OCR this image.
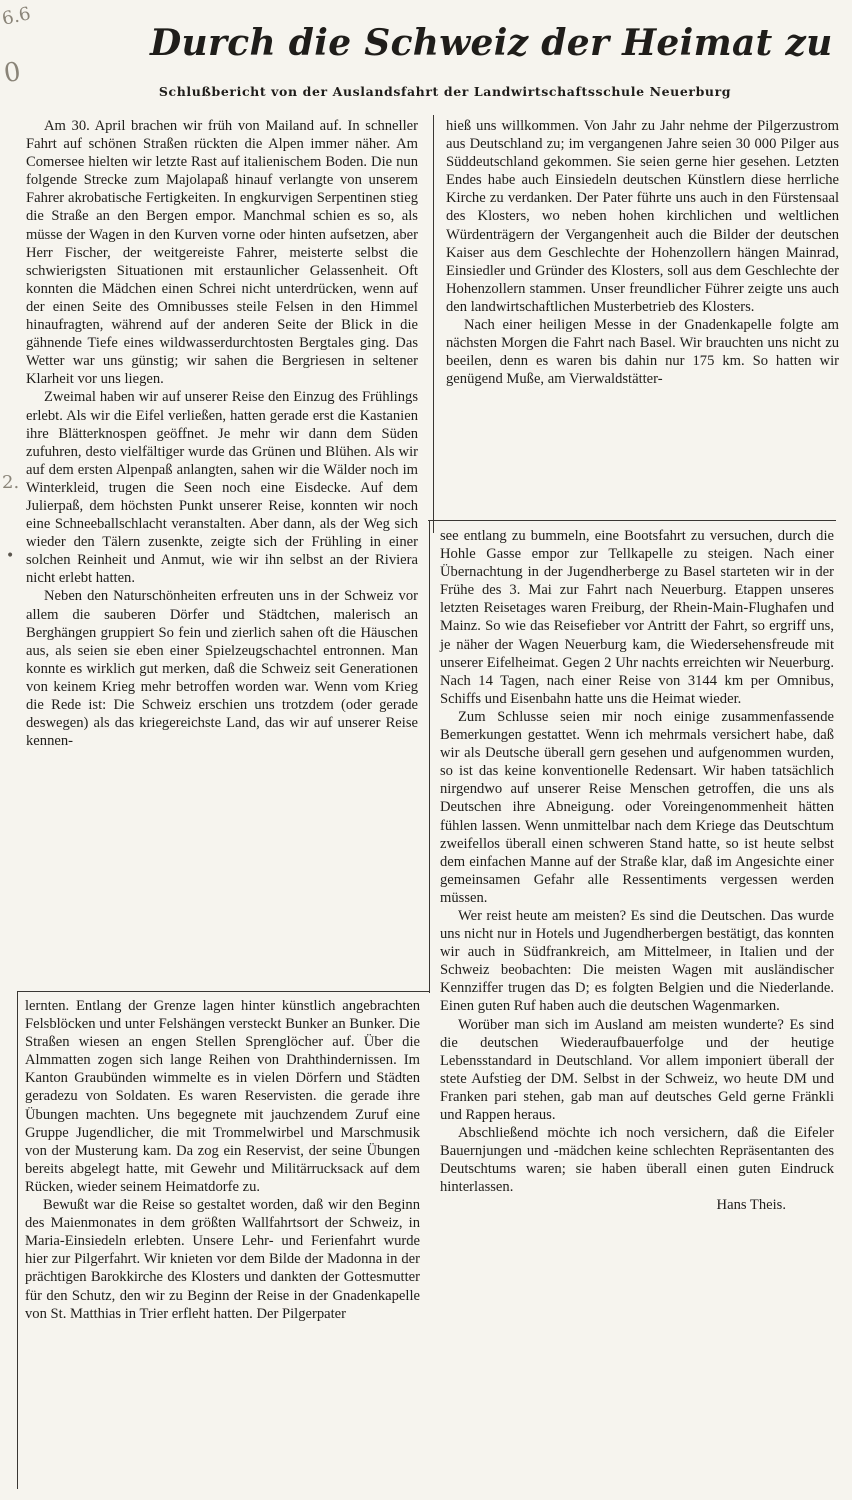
6.6
0
2.
•
Durch die Schweiz der Heimat zu
Schlußbericht von der Auslandsfahrt der Landwirtschaftsschule Neuerburg

Am 30. April brachen wir früh von Mailand auf. In schneller Fahrt auf schönen Straßen rückten die Alpen immer näher. Am Comersee hielten wir letzte Rast auf italienischem Boden. Die nun folgende Strecke zum Majolapaß hinauf verlangte von unserem Fahrer akrobatische Fertigkeiten. In engkurvigen Serpentinen stieg die Straße an den Bergen empor. Manchmal schien es so, als müsse der Wagen in den Kurven vorne oder hinten aufsetzen, aber Herr Fischer, der weitgereiste Fahrer, meisterte selbst die schwierigsten Situationen mit erstaunlicher Gelassenheit. Oft konnten die Mädchen einen Schrei nicht unterdrücken, wenn auf der einen Seite des Omnibusses steile Felsen in den Himmel hinaufragten, während auf der anderen Seite der Blick in die gähnende Tiefe eines wildwasserdurchtosten Bergtales ging. Das Wetter war uns günstig; wir sahen die Bergriesen in seltener Klarheit vor uns liegen.

Zweimal haben wir auf unserer Reise den Einzug des Frühlings erlebt. Als wir die Eifel verließen, hatten gerade erst die Kastanien ihre Blätterknospen geöffnet. Je mehr wir dann dem Süden zufuhren, desto vielfältiger wurde das Grünen und Blühen. Als wir auf dem ersten Alpenpaß anlangten, sahen wir die Wälder noch im Winterkleid, trugen die Seen noch eine Eisdecke. Auf dem Julierpaß, dem höchsten Punkt unserer Reise, konnten wir noch eine Schneeballschlacht veranstalten. Aber dann, als der Weg sich wieder den Tälern zusenkte, zeigte sich der Frühling in einer solchen Reinheit und Anmut, wie wir ihn selbst an der Riviera nicht erlebt hatten.

Neben den Naturschönheiten erfreuten uns in der Schweiz vor allem die sauberen Dörfer und Städtchen, malerisch an Berghängen gruppiert So fein und zierlich sahen oft die Häuschen aus, als seien sie eben einer Spielzeugschachtel entronnen. Man konnte es wirklich gut merken, daß die Schweiz seit Generationen von keinem Krieg mehr betroffen worden war. Wenn vom Krieg die Rede ist: Die Schweiz erschien uns trotzdem (oder gerade deswegen) als das kriegereichste Land, das wir auf unserer Reise kennen-

lernten. Entlang der Grenze lagen hinter künstlich angebrachten Felsblöcken und unter Felshängen versteckt Bunker an Bunker. Die Straßen wiesen an engen Stellen Sprenglöcher auf. Über die Almmatten zogen sich lange Reihen von Drahthindernissen. Im Kanton Graubünden wimmelte es in vielen Dörfern und Städten geradezu von Soldaten. Es waren Reservisten. die gerade ihre Übungen machten. Uns begegnete mit jauchzendem Zuruf eine Gruppe Jugendlicher, die mit Trommelwirbel und Marschmusik von der Musterung kam. Da zog ein Reservist, der seine Übungen bereits abgelegt hatte, mit Gewehr und Militärrucksack auf dem Rücken, wieder seinem Heimatdorfe zu.

Bewußt war die Reise so gestaltet worden, daß wir den Beginn des Maienmonates in dem größten Wallfahrtsort der Schweiz, in Maria-Einsiedeln erlebten. Unsere Lehr- und Ferienfahrt wurde hier zur Pilgerfahrt. Wir knieten vor dem Bilde der Madonna in der prächtigen Barokkirche des Klosters und dankten der Gottesmutter für den Schutz, den wir zu Beginn der Reise in der Gnadenkapelle von St. Matthias in Trier erfleht hatten. Der Pilgerpater

hieß uns willkommen. Von Jahr zu Jahr nehme der Pilgerzustrom aus Deutschland zu; im vergangenen Jahre seien 30 000 Pilger aus Süddeutschland gekommen. Sie seien gerne hier gesehen. Letzten Endes habe auch Einsiedeln deutschen Künstlern diese herrliche Kirche zu verdanken. Der Pater führte uns auch in den Fürstensaal des Klosters, wo neben hohen kirchlichen und weltlichen Würdenträgern der Vergangenheit auch die Bilder der deutschen Kaiser aus dem Geschlechte der Hohenzollern hängen Mainrad, Einsiedler und Gründer des Klosters, soll aus dem Geschlechte der Hohenzollern stammen. Unser freundlicher Führer zeigte uns auch den landwirtschaftlichen Musterbetrieb des Klosters.

Nach einer heiligen Messe in der Gnadenkapelle folgte am nächsten Morgen die Fahrt nach Basel. Wir brauchten uns nicht zu beeilen, denn es waren bis dahin nur 175 km. So hatten wir genügend Muße, am Vierwaldstätter-

see entlang zu bummeln, eine Bootsfahrt zu versuchen, durch die Hohle Gasse empor zur Tellkapelle zu steigen. Nach einer Übernachtung in der Jugendherberge zu Basel starteten wir in der Frühe des 3. Mai zur Fahrt nach Neuerburg. Etappen unseres letzten Reisetages waren Freiburg, der Rhein-Main-Flughafen und Mainz. So wie das Reisefieber vor Antritt der Fahrt, so ergriff uns, je näher der Wagen Neuerburg kam, die Wiedersehensfreude mit unserer Eifelheimat. Gegen 2 Uhr nachts erreichten wir Neuerburg. Nach 14 Tagen, nach einer Reise von 3144 km per Omnibus, Schiffs und Eisenbahn hatte uns die Heimat wieder.

Zum Schlusse seien mir noch einige zusammenfassende Bemerkungen gestattet. Wenn ich mehrmals versichert habe, daß wir als Deutsche überall gern gesehen und aufgenommen wurden, so ist das keine konventionelle Redensart. Wir haben tatsächlich nirgendwo auf unserer Reise Menschen getroffen, die uns als Deutschen ihre Abneigung. oder Voreingenommenheit hätten fühlen lassen. Wenn unmittelbar nach dem Kriege das Deutschtum zweifellos überall einen schweren Stand hatte, so ist heute selbst dem einfachen Manne auf der Straße klar, daß im Angesichte einer gemeinsamen Gefahr alle Ressentiments vergessen werden müssen.

Wer reist heute am meisten? Es sind die Deutschen. Das wurde uns nicht nur in Hotels und Jugendherbergen bestätigt, das konnten wir auch in Südfrankreich, am Mittelmeer, in Italien und der Schweiz beobachten: Die meisten Wagen mit ausländischer Kennziffer trugen das D; es folgten Belgien und die Niederlande. Einen guten Ruf haben auch die deutschen Wagenmarken.

Worüber man sich im Ausland am meisten wunderte? Es sind die deutschen Wiederaufbauerfolge und der heutige Lebensstandard in Deutschland. Vor allem imponiert überall der stete Aufstieg der DM. Selbst in der Schweiz, wo heute DM und Franken pari stehen, gab man auf deutsches Geld gerne Fränkli und Rappen heraus.

Abschließend möchte ich noch versichern, daß die Eifeler Bauernjungen und -mädchen keine schlechten Repräsentanten des Deutschtums waren; sie haben überall einen guten Eindruck hinterlassen.

Hans Theis.
